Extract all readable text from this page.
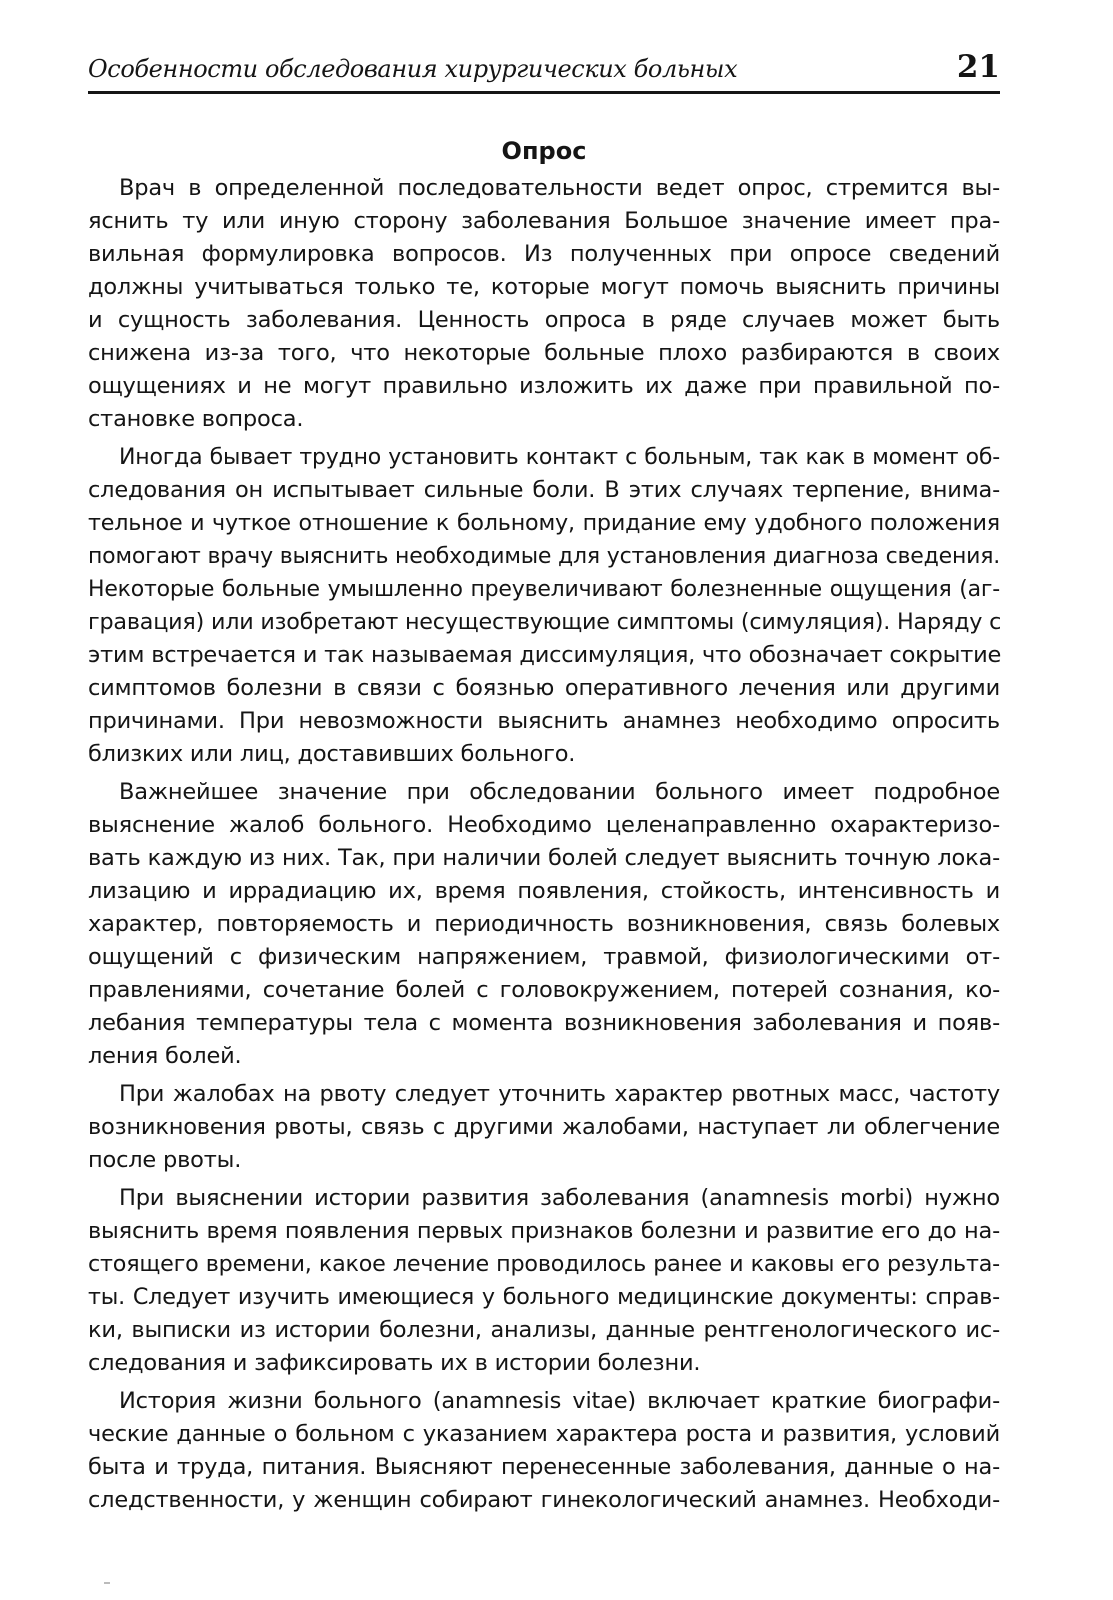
Особенности обследования хирургических больных	21
Опрос
Врач в определенной последовательности ведет опрос, стремится вы-
яснить ту или иную сторону заболевания Большое значение имеет пра-
вильная формулировка вопросов. Из полученных при опросе сведений
должны учитываться только те, которые могут помочь выяснить причины
и сущность заболевания. Ценность опроса в ряде случаев может быть
снижена из-за того, что некоторые больные плохо разбираются в своих
ощущениях и не могут правильно изложить их даже при правильной по-
становке вопроса.
Иногда бывает трудно установить контакт с больным, так как в момент об-
следования он испытывает сильные боли. В этих случаях терпение, внима-
тельное и чуткое отношение к больному, придание ему удобного положения
помогают врачу выяснить необходимые для установления диагноза сведения.
Некоторые больные умышленно преувеличивают болезненные ощущения (аг-
гравация) или изобретают несуществующие симптомы (симуляция). Наряду с
этим встречается и так называемая диссимуляция, что обозначает сокрытие
симптомов болезни в связи с боязнью оперативного лечения или другими
причинами. При невозможности выяснить анамнез необходимо опросить
близких или лиц, доставивших больного.
Важнейшее значение при обследовании больного имеет подробное
выяснение жалоб больного. Необходимо целенаправленно охарактеризо-
вать каждую из них. Так, при наличии болей следует выяснить точную лока-
лизацию и иррадиацию их, время появления, стойкость, интенсивность и
характер, повторяемость и периодичность возникновения, связь болевых
ощущений с физическим напряжением, травмой, физиологическими от-
правлениями, сочетание болей с головокружением, потерей сознания, ко-
лебания температуры тела с момента возникновения заболевания и появ-
ления болей.
При жалобах на рвоту следует уточнить характер рвотных масс, частоту
возникновения рвоты, связь с другими жалобами, наступает ли облегчение
после рвоты.
При выяснении истории развития заболевания (anamnesis morbi) нужно
выяснить время появления первых признаков болезни и развитие его до на-
стоящего времени, какое лечение проводилось ранее и каковы его результа-
ты. Следует изучить имеющиеся у больного медицинские документы: справ-
ки, выписки из истории болезни, анализы, данные рентгенологического ис-
следования и зафиксировать их в истории болезни.
История жизни больного (anamnesis vitae) включает краткие биографи-
ческие данные о больном с указанием характера роста и развития, условий
быта и труда, питания. Выясняют перенесенные заболевания, данные о на-
следственности, у женщин собирают гинекологический анамнез. Необходи-
